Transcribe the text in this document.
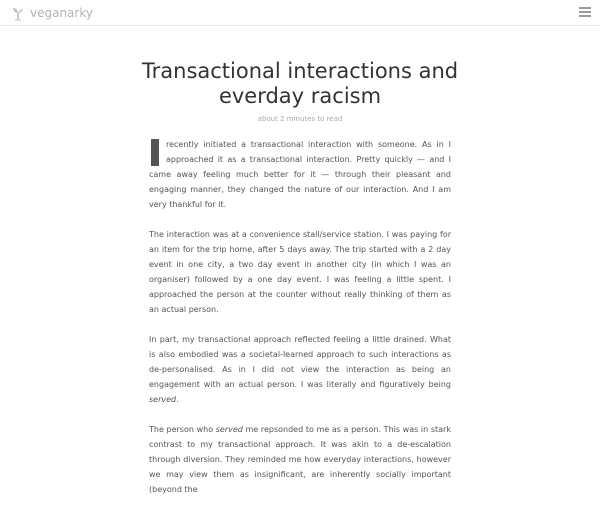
veganarky
Transactional interactions and everday racism
about 2 minutes to read

recently initiated a transactional interaction with someone. As in I approached it as a transactional interaction. Pretty quickly — and I came away feeling much better for it — through their pleasant and engaging manner, they changed the nature of our interaction. And I am very thankful for it.

The interaction was at a convenience stall/service station. I was paying for an item for the trip home, after 5 days away. The trip started with a 2 day event in one city, a two day event in another city (in which I was an organiser) followed by a one day event. I was feeling a little spent. I approached the person at the counter without really thinking of them as an actual person.

In part, my transactional approach reflected feeling a little drained. What is also embodied was a societal-learned approach to such interactions as de-personalised. As in I did not view the interaction as being an engagement with an actual person. I was literally and figuratively being served.

The person who served me repsonded to me as a person. This was in stark contrast to my transactional approach. It was akin to a de-escalation through diversion. They reminded me how everyday interactions, however we may view them as insignificant, are inherently socially important (beyond the
